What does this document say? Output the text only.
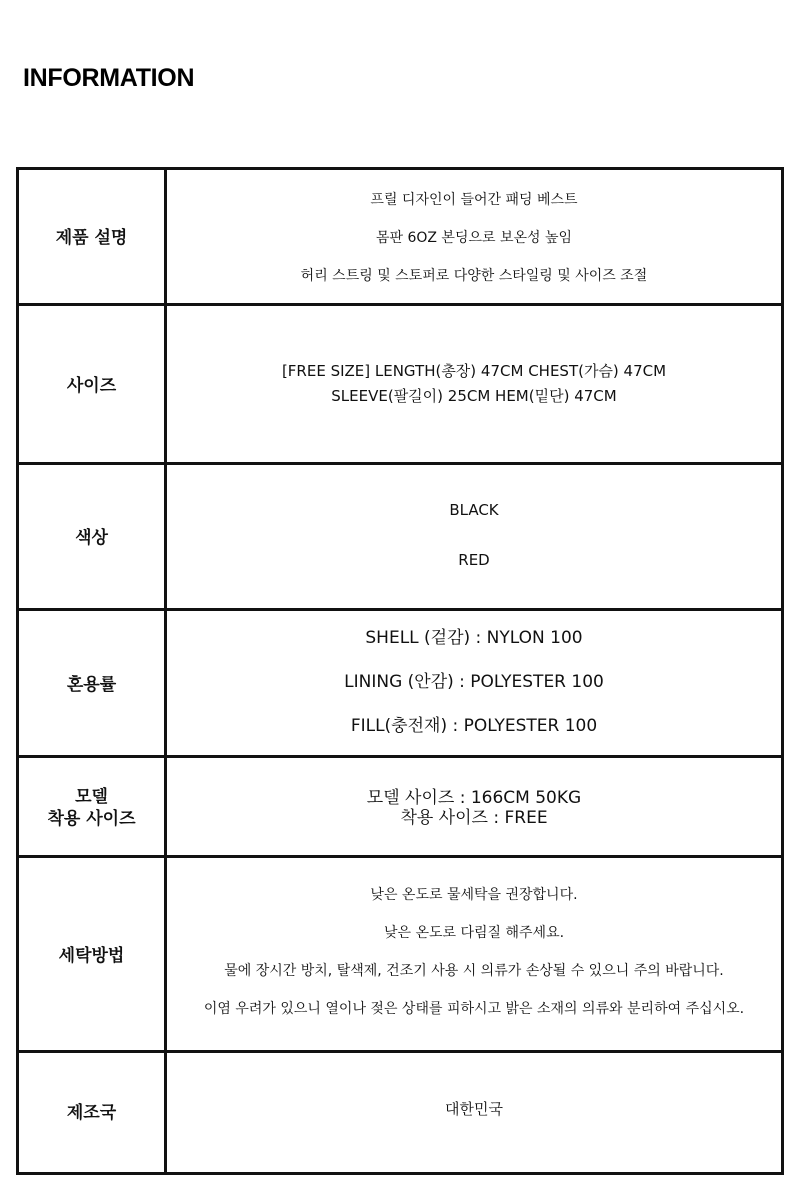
INFORMATION
제품 설명
프릴 디자인이 들어간 패딩 베스트
몸판 6OZ 본딩으로 보온성 높임
허리 스트링 및 스토퍼로 다양한 스타일링 및 사이즈 조절
사이즈
[FREE SIZE] LENGTH(총장) 47CM CHEST(가슴) 47CM
SLEEVE(팔길이) 25CM HEM(밑단) 47CM
색상
BLACK
RED
혼용률
SHELL (겉감) : NYLON 100
LINING (안감) : POLYESTER 100
FILL(충전재) : POLYESTER 100
모델
착용 사이즈
모델 사이즈 : 166CM 50KG
착용 사이즈 : FREE
세탁방법
낮은 온도로 물세탁을 권장합니다.
낮은 온도로 다림질 해주세요.
물에 장시간 방치, 탈색제, 건조기 사용 시 의류가 손상될 수 있으니 주의 바랍니다.
이염 우려가 있으니 열이나 젖은 상태를 피하시고 밝은 소재의 의류와 분리하여 주십시오.
제조국	대한민국
